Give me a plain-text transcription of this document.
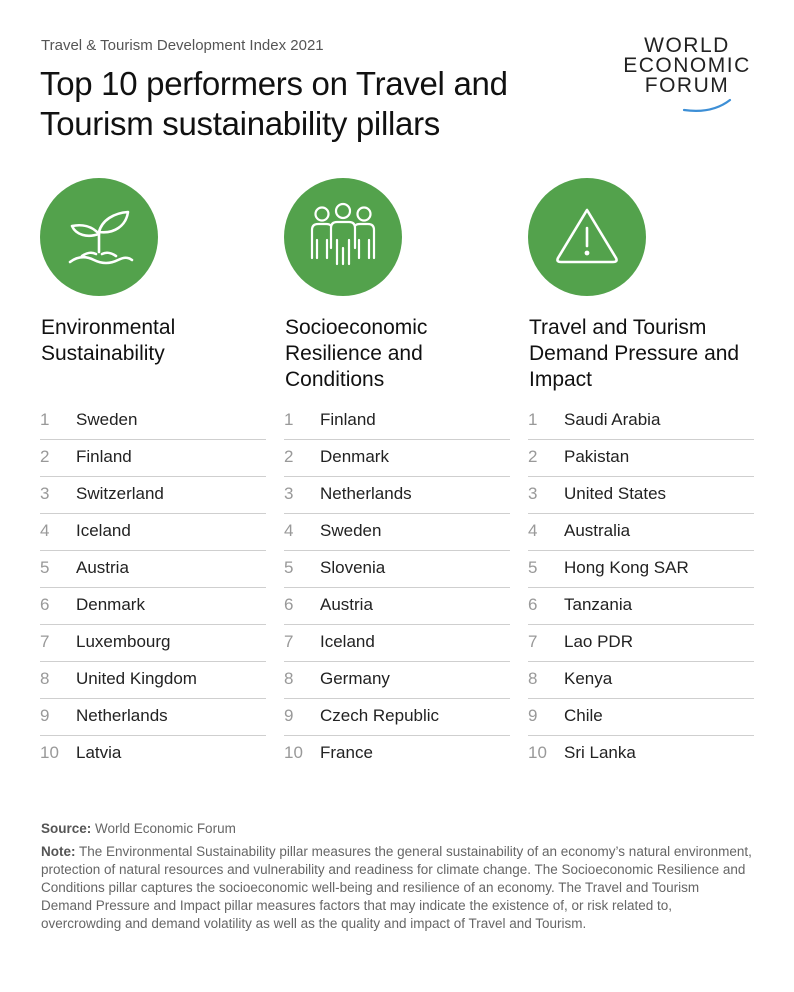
Travel & Tourism Development Index 2021
Top 10 performers on Travel and Tourism sustainability pillars
WORLD
ECONOMIC
FORUM
Environmental Sustainability
1 Sweden
2 Finland
3 Switzerland
4 Iceland
5 Austria
6 Denmark
7 Luxembourg
8 United Kingdom
9 Netherlands
10 Latvia
Socioeconomic Resilience and Conditions
1 Finland
2 Denmark
3 Netherlands
4 Sweden
5 Slovenia
6 Austria
7 Iceland
8 Germany
9 Czech Republic
10 France
Travel and Tourism Demand Pressure and Impact
1 Saudi Arabia
2 Pakistan
3 United States
4 Australia
5 Hong Kong SAR
6 Tanzania
7 Lao PDR
8 Kenya
9 Chile
10 Sri Lanka

Source: World Economic Forum

Note: The Environmental Sustainability pillar measures the general sustainability of an economy’s natural environment, protection of natural resources and vulnerability and readiness for climate change. The Socioeconomic Resilience and Conditions pillar captures the socioeconomic well-being and resilience of an economy. The Travel and Tourism Demand Pressure and Impact pillar measures factors that may indicate the existence of, or risk related to, overcrowding and demand volatility as well as the quality and impact of Travel and Tourism.
